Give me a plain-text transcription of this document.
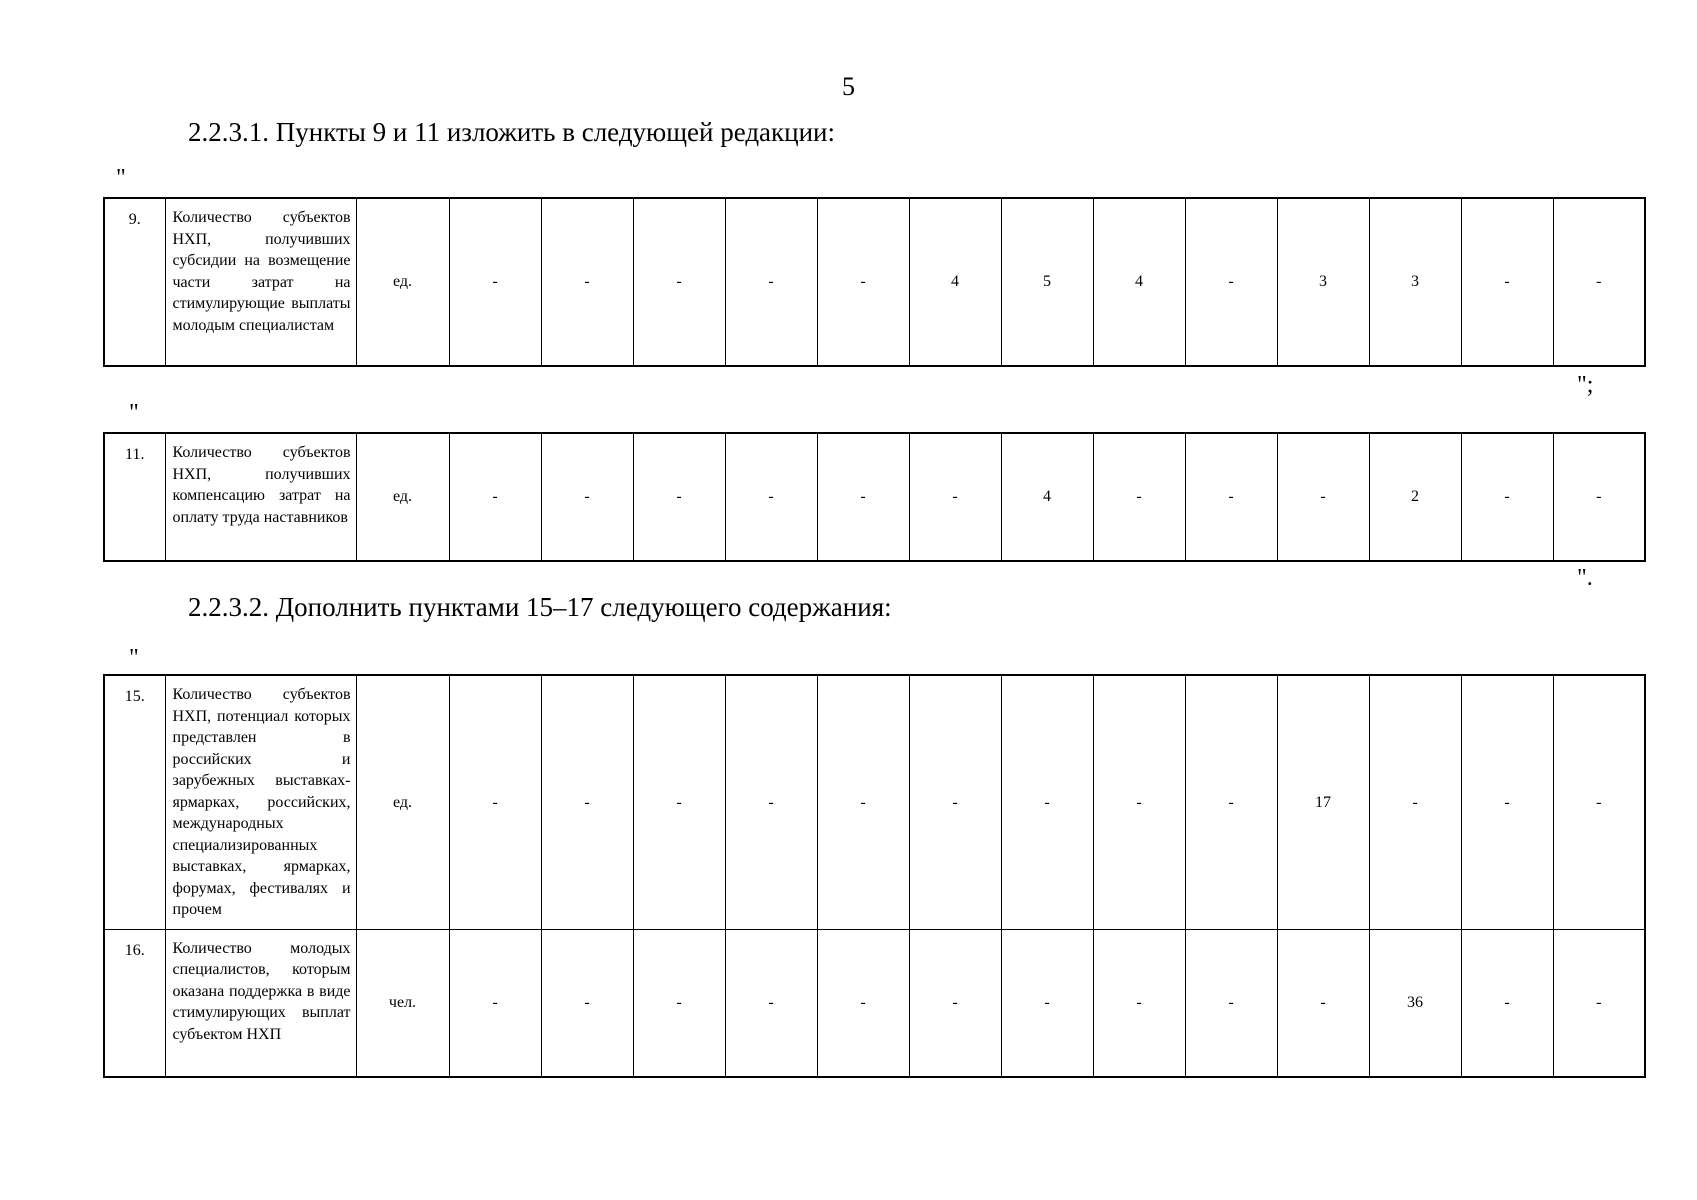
5
2.2.3.1. Пункты 9 и 11 изложить в следующей редакции:
"
9.	Количество субъектов НХП, получивших субсидии на возмещение части затрат на стимулирующие выплаты молодым специалистам	ед.	-	-	-	-	-	4	5	4	-	3	3	-	-
";
"
11.	Количество субъектов НХП, получивших компенсацию затрат на оплату труда наставников	ед.	-	-	-	-	-	-	4	-	-	-	2	-	-
".
2.2.3.2. Дополнить пунктами 15–17 следующего содержания:
"
15.	Количество субъектов НХП, потенциал которых представлен в российских и зарубежных выставках-ярмарках, российских, международных специализированных выставках, ярмарках, форумах, фестивалях и прочем	ед.	-	-	-	-	-	-	-	-	-	17	-	-	-
16.	Количество молодых специалистов, которым оказана поддержка в виде стимулирующих выплат субъектом НХП	чел.	-	-	-	-	-	-	-	-	-	-	36	-	-
